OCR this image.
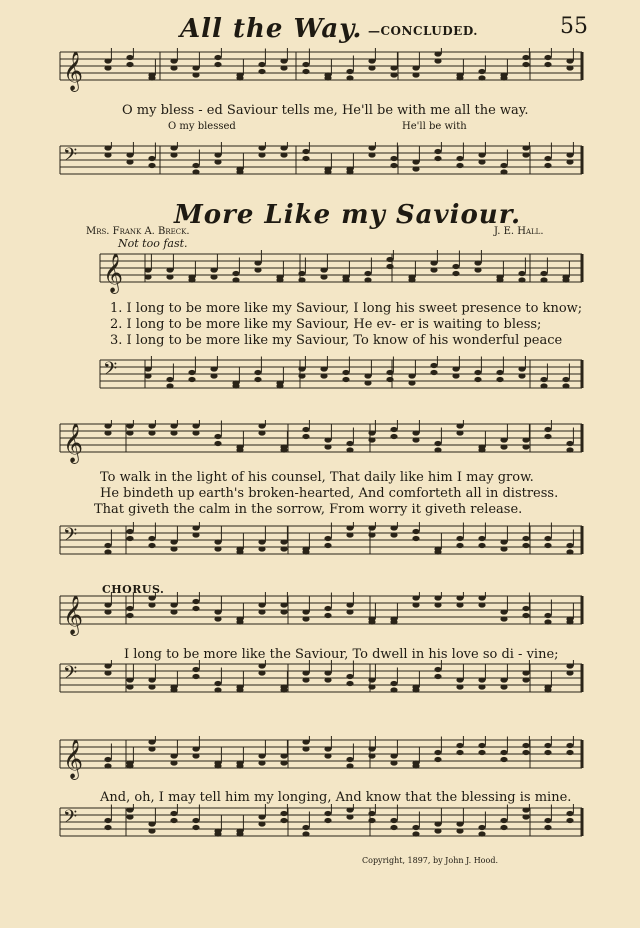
All the Way. —CONCLUDED.	55
𝄞
𝄢
𝄞
𝄢
𝄞
𝄢
𝄞
𝄢
𝄞
𝄢
O my bless - ed Saviour tells me, He'll be with me all the way.
O my blessed	He'll be with
More Like my Saviour.
Mrs. Frank A. Breck.	J. E. Hall.
Not too fast.
1. I long to be more like my Saviour, I long his sweet presence to know;
2. I long to be more like my Saviour, He ev- er is waiting to bless;
3. I long to be more like my Saviour, To know of his wonderful peace
To walk in the light of his counsel, That daily like him I may grow.
He bindeth up earth's broken-hearted, And comforteth all in distress.
That giveth the calm in the sorrow, From worry it giveth release.
CHORUS.
I long to be more like the Saviour, To dwell in his love so di - vine;
And, oh, I may tell him my longing, And know that the blessing is mine.
Copyright, 1897, by John J. Hood.
